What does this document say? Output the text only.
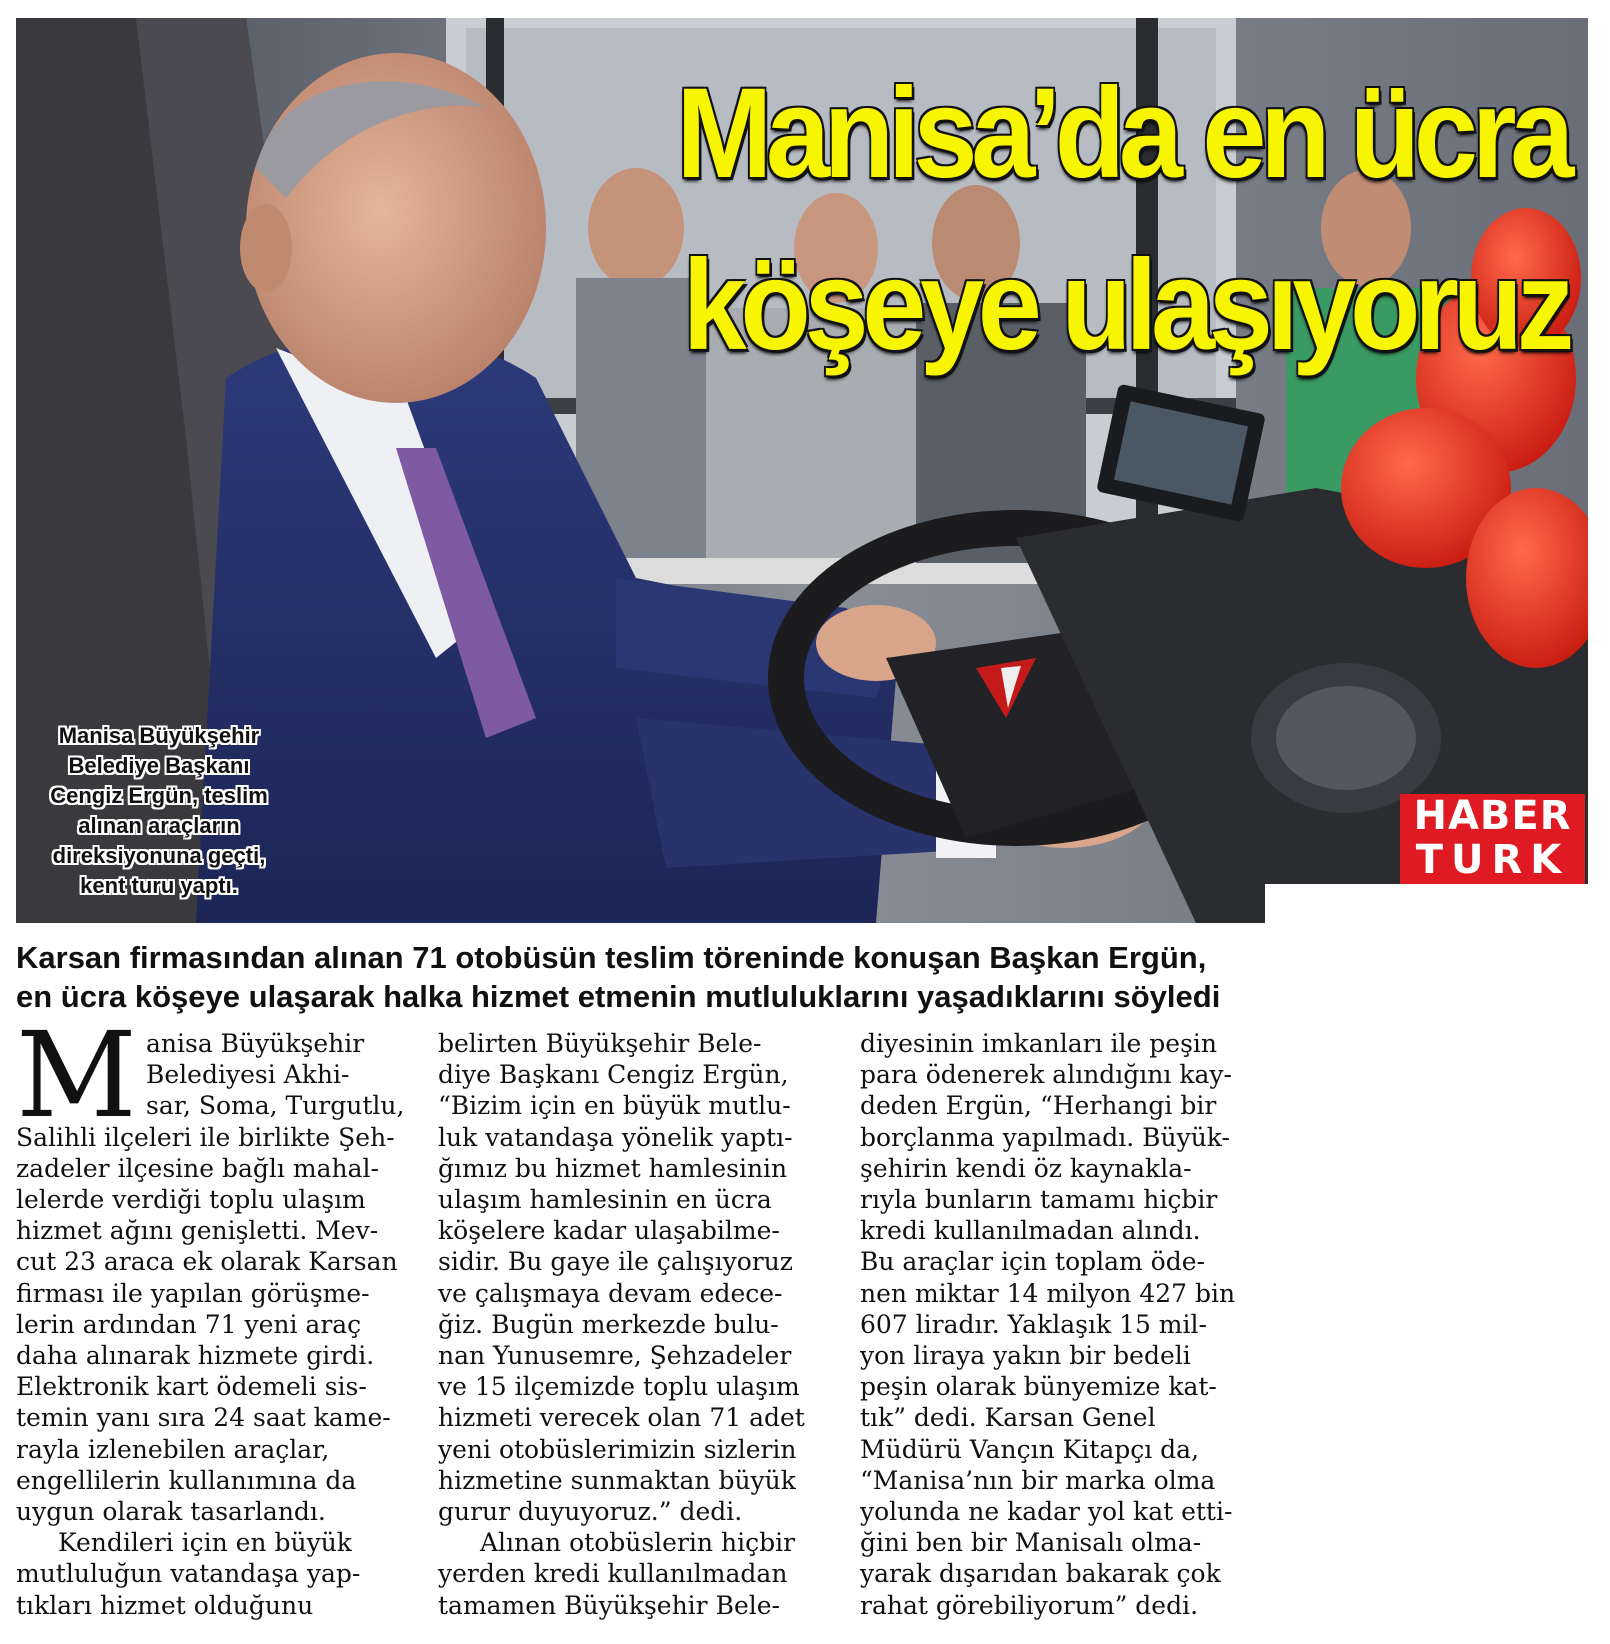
Manisa’da en ücra
köşeye ulaşıyoruz
Manisa Büyükşehir
Belediye Başkanı
Cengiz Ergün, teslim
alınan araçların
direksiyonuna geçti,
kent turu yaptı.
HABER
TURK
Karsan firmasından alınan 71 otobüsün teslim töreninde konuşan Başkan Ergün,
en ücra köşeye ulaşarak halka hizmet etmenin mutluluklarını yaşadıklarını söyledi
M anisa Büyükşehir
Belediyesi Akhi-
sar, Soma, Turgutlu,
Salihli ilçeleri ile birlikte Şeh-
zadeler ilçesine bağlı mahal-
lelerde verdiği toplu ulaşım
hizmet ağını genişletti. Mev-
cut 23 araca ek olarak Karsan
firması ile yapılan görüşme-
lerin ardından 71 yeni araç
daha alınarak hizmete girdi.
Elektronik kart ödemeli sis-
temin yanı sıra 24 saat kame-
rayla izlenebilen araçlar,
engellilerin kullanımına da
uygun olarak tasarlandı.
Kendileri için en büyük
mutluluğun vatandaşa yap-
tıkları hizmet olduğunu
belirten Büyükşehir Bele-
diye Başkanı Cengiz Ergün,
“Bizim için en büyük mutlu-
luk vatandaşa yönelik yaptı-
ğımız bu hizmet hamlesinin
ulaşım hamlesinin en ücra
köşelere kadar ulaşabilme-
sidir. Bu gaye ile çalışıyoruz
ve çalışmaya devam edece-
ğiz. Bugün merkezde bulu-
nan Yunusemre, Şehzadeler
ve 15 ilçemizde toplu ulaşım
hizmeti verecek olan 71 adet
yeni otobüslerimizin sizlerin
hizmetine sunmaktan büyük
gurur duyuyoruz.” dedi.
Alınan otobüslerin hiçbir
yerden kredi kullanılmadan
tamamen Büyükşehir Bele-
diyesinin imkanları ile peşin
para ödenerek alındığını kay-
deden Ergün, “Herhangi bir
borçlanma yapılmadı. Büyük-
şehirin kendi öz kaynakla-
rıyla bunların tamamı hiçbir
kredi kullanılmadan alındı.
Bu araçlar için toplam öde-
nen miktar 14 milyon 427 bin
607 liradır. Yaklaşık 15 mil-
yon liraya yakın bir bedeli
peşin olarak bünyemize kat-
tık” dedi. Karsan Genel
Müdürü Vançın Kitapçı da,
“Manisa’nın bir marka olma
yolunda ne kadar yol kat etti-
ğini ben bir Manisalı olma-
yarak dışarıdan bakarak çok
rahat görebiliyorum” dedi.
